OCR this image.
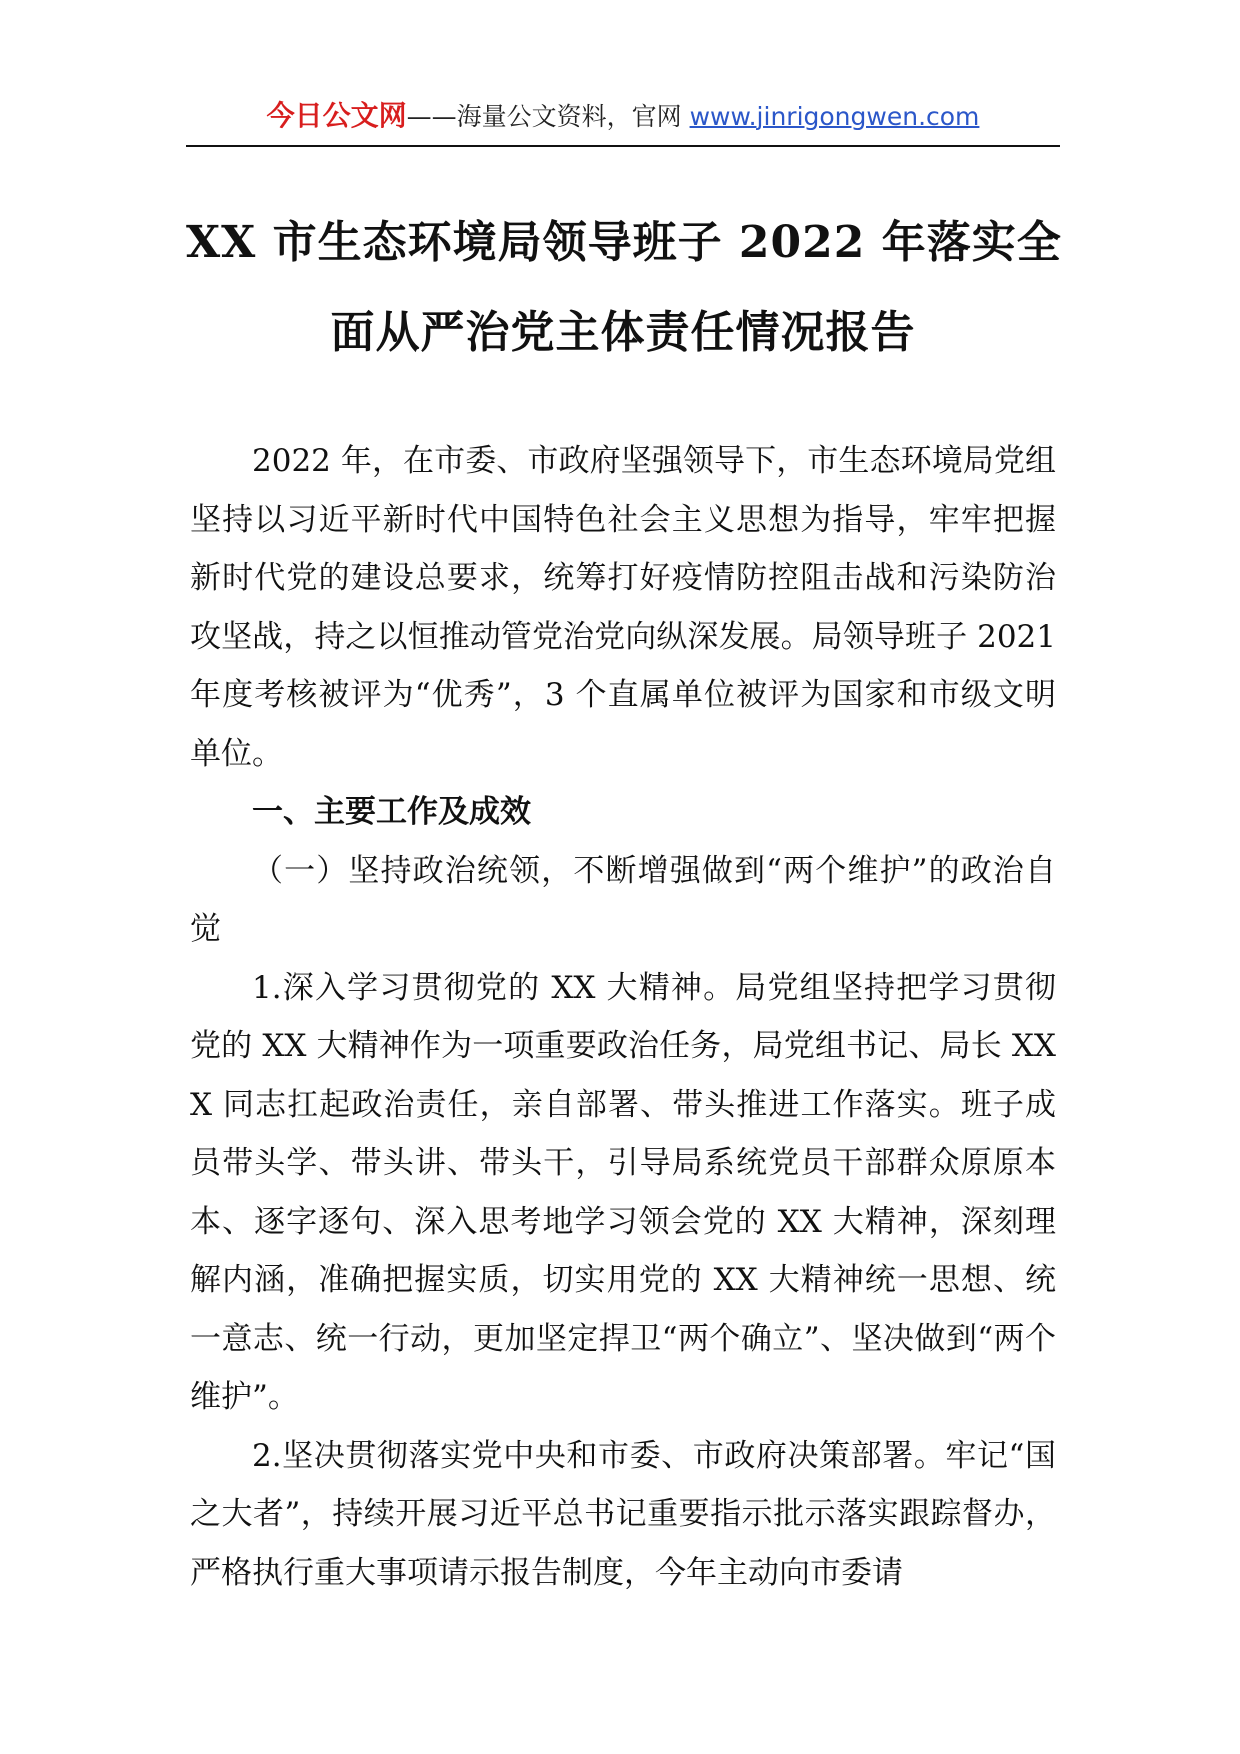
今日公文网——海量公文资料，官网 www.jinrigongwen.com
XX 市生态环境局领导班子 2022 年落实全
面从严治党主体责任情况报告

2022 年，在市委、市政府坚强领导下，市生态环境局党组坚持以习近平新时代中国特色社会主义思想为指导，牢牢把握新时代党的建设总要求，统筹打好疫情防控阻击战和污染防治攻坚战，持之以恒推动管党治党向纵深发展。局领导班子 2021 年度考核被评为“优秀”，3 个直属单位被评为国家和市级文明单位。

一、主要工作及成效

（一）坚持政治统领，不断增强做到“两个维护”的政治自觉

1.深入学习贯彻党的 XX 大精神。局党组坚持把学习贯彻党的 XX 大精神作为一项重要政治任务，局党组书记、局长 XXX 同志扛起政治责任，亲自部署、带头推进工作落实。班子成员带头学、带头讲、带头干，引导局系统党员干部群众原原本本、逐字逐句、深入思考地学习领会党的 XX 大精神，深刻理解内涵，准确把握实质，切实用党的 XX 大精神统一思想、统一意志、统一行动，更加坚定捍卫“两个确立”、坚决做到“两个维护”。

2.坚决贯彻落实党中央和市委、市政府决策部署。牢记“国之大者”，持续开展习近平总书记重要指示批示落实跟踪督办，严格执行重大事项请示报告制度，今年主动向市委请
